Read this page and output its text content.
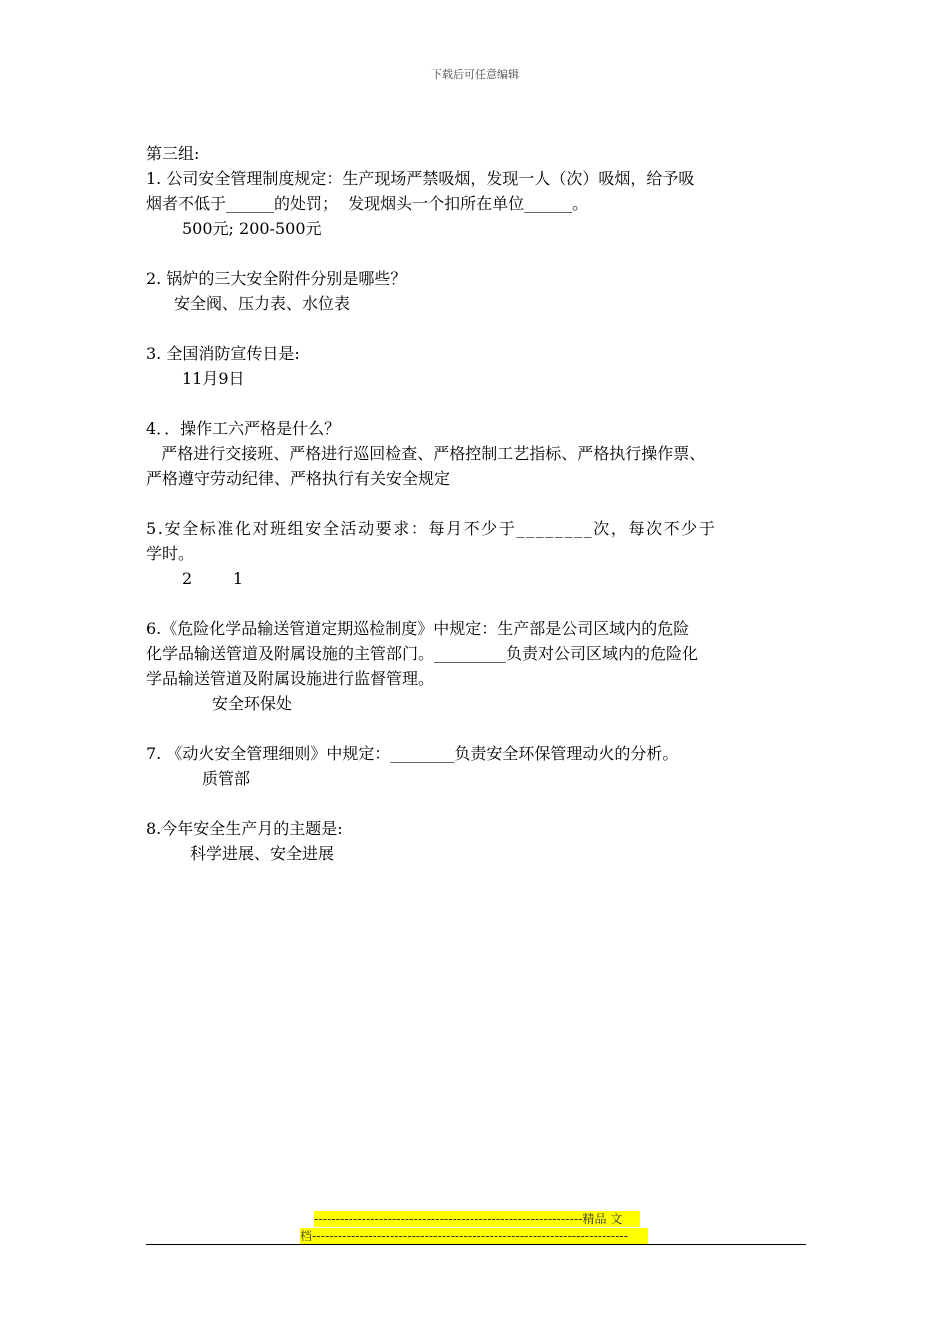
下载后可任意编辑
第三组:
1. 公司安全管理制度规定：生产现场严禁吸烟，发现一人（次）吸烟，给予吸
烟者不低于______的处罚；  发现烟头一个扣所在单位______。
500元; 200-500元
2. 锅炉的三大安全附件分别是哪些？
安全阀、压力表、水位表
3. 全国消防宣传日是:
11月9日
4．．操作工六严格是什么？
严格进行交接班、严格进行巡回检查、严格控制工艺指标、严格执行操作票、
严格遵守劳动纪律、严格执行有关安全规定
5.安全标准化对班组安全活动要求：每月不少于________次，每次不少于
学时。
2        1
6.《危险化学品输送管道定期巡检制度》中规定：生产部是公司区域内的危险
化学品输送管道及附属设施的主管部门。_________负责对公司区域内的危险化
学品输送管道及附属设施进行监督管理。
安全环保处
7. 《动火安全管理细则》中规定：________负责安全环保管理动火的分析。
质管部
8.今年安全生产月的主题是:
科学进展、安全进展
--------------------------------------------------------------精品 文
档-------------------------------------------------------------------------
